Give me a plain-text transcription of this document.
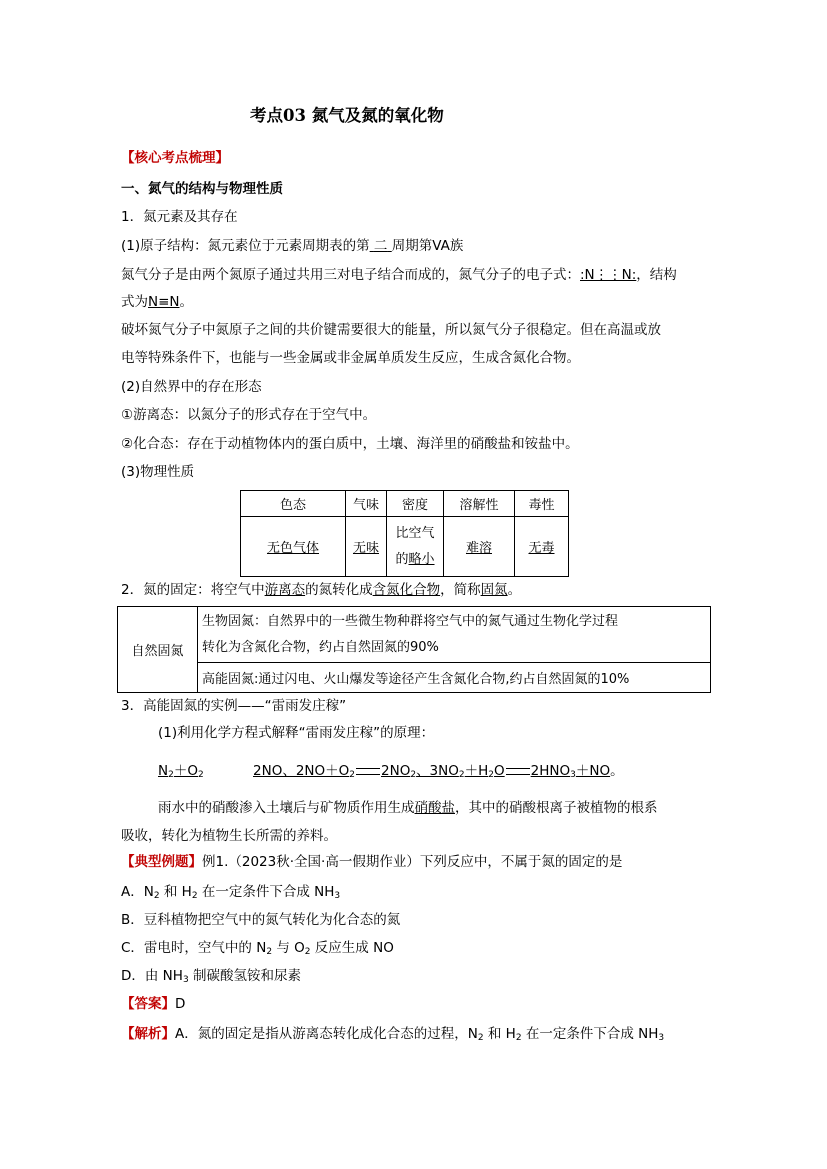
考点03 氮气及氮的氧化物
【核心考点梳理】
一、氮气的结构与物理性质
1．氮元素及其存在
(1)原子结构：氮元素位于元素周期表的第 二 周期第VA族
氮气分子是由两个氮原子通过共用三对电子结合而成的，氮气分子的电子式：:N⋮⋮N:，结构
式为N≡N。
破坏氮气分子中氮原子之间的共价键需要很大的能量，所以氮气分子很稳定。但在高温或放
电等特殊条件下，也能与一些金属或非金属单质发生反应，生成含氮化合物。
(2)自然界中的存在形态
①游离态：以氮分子的形式存在于空气中。
②化合态：存在于动植物体内的蛋白质中，土壤、海洋里的硝酸盐和铵盐中。
(3)物理性质
色态	气味	密度	溶解性	毒性
无色气体	无味	比空气
的略小	难溶	无毒
2．氮的固定：将空气中游离态的氮转化成含氮化合物，简称固氮。
自然固氮	生物固氮：自然界中的一些微生物种群将空气中的氮气通过生物化学过程
转化为含氮化合物，约占自然固氮的90%
高能固氮:通过闪电、火山爆发等途径产生含氮化合物,约占自然固氮的10%
3．高能固氮的实例——“雷雨发庄稼”
(1)利用化学方程式解释“雷雨发庄稼”的原理：
$N_2+O_2$	2NO、$2NO+O_2$ $2NO_2$、$3NO_2+H_2O$ $2HNO_3+NO$。
雨水中的硝酸渗入土壤后与矿物质作用生成硝酸盐，其中的硝酸根离子被植物的根系
吸收，转化为植物生长所需的养料。
【典型例题】例1.（2023秋·全国·高一假期作业）下列反应中，不属于氮的固定的是
A．$N_2$ 和 $H_2$ 在一定条件下合成 $NH_3$
B．豆科植物把空气中的氮气转化为化合态的氮
C．雷电时，空气中的 $N_2$ 与 $O_2$ 反应生成 NO
D．由 $NH_3$ 制碳酸氢铵和尿素
【答案】D
【解析】A．氮的固定是指从游离态转化成化合态的过程，$N_2$ 和 $H_2$ 在一定条件下合成 $NH_3$
